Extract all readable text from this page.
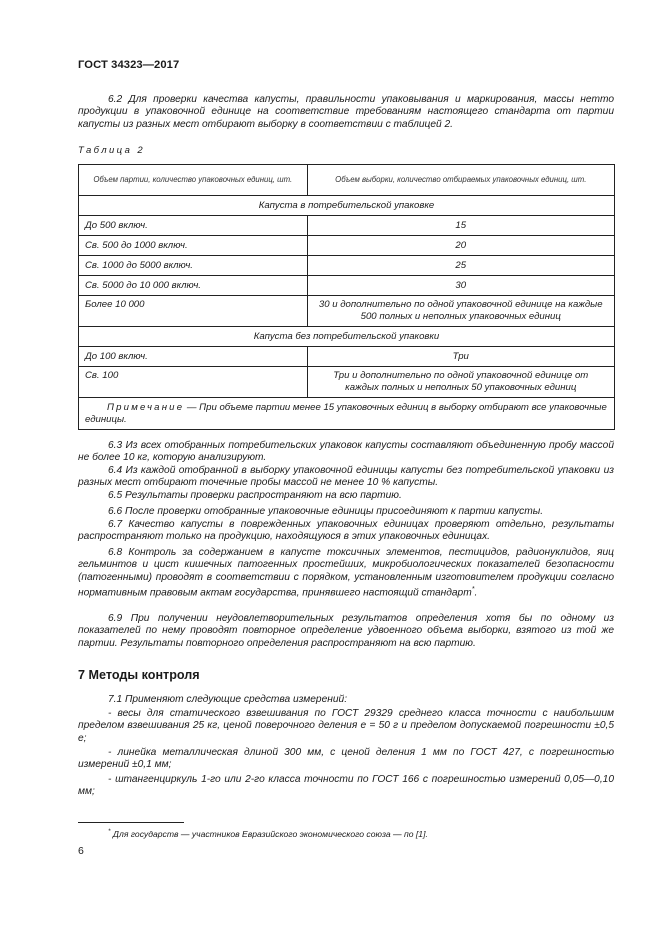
ГОСТ 34323—2017
6.2 Для проверки качества капусты, правильности упаковывания и маркирования, массы нетто продукции в упаковочной единице на соответствие требованиям настоящего стандарта от партии капусты из разных мест отбирают выборку в соответствии с таблицей 2.
Таблица 2
Объем партии, количество упаковочных единиц, шт.	Объем выборки, количество отбираемых упаковочных единиц, шт.
Капуста в потребительской упаковке	
До 500 включ.	15
Св. 500 до 1000 включ.	20
Св. 1000 до 5000 включ.	25
Св. 5000 до 10 000 включ.	30
Более 10 000	30 и дополнительно по одной упаковочной единице на каждые 500 полных и неполных упаковочных единиц
Капуста без потребительской упаковки	
До 100 включ.	Три
Св. 100	Три и дополнительно по одной упаковочной единице от каждых полных и неполных 50 упаковочных единиц
Примечание — При объеме партии менее 15 упаковочных единиц в выборку отбирают все упаковочные единицы.	
6.3 Из всех отобранных потребительских упаковок капусты составляют объединенную пробу массой не более 10 кг, которую анализируют.
6.4 Из каждой отобранной в выборку упаковочной единицы капусты без потребительской упаковки из разных мест отбирают точечные пробы массой не менее 10 % капусты.
6.5 Результаты проверки распространяют на всю партию.
6.6 После проверки отобранные упаковочные единицы присоединяют к партии капусты.
6.7 Качество капусты в поврежденных упаковочных единицах проверяют отдельно, результаты распространяют только на продукцию, находящуюся в этих упаковочных единицах.
6.8 Контроль за содержанием в капусте токсичных элементов, пестицидов, радионуклидов, яиц гельминтов и цист кишечных патогенных простейших, микробиологических показателей безопасности (патогенными) проводят в соответствии с порядком, установленным изготовителем продукции согласно нормативным правовым актам государства, принявшего настоящий стандарт*.
6.9 При получении неудовлетворительных результатов определения хотя бы по одному из показателей по нему проводят повторное определение удвоенного объема выборки, взятого из той же партии. Результаты повторного определения распространяют на всю партию.
7 Методы контроля
7.1 Применяют следующие средства измерений:
- весы для статического взвешивания по ГОСТ 29329 среднего класса точности с наибольшим пределом взвешивания 25 кг, ценой поверочного деления e = 50 г и пределом допускаемой погрешности ±0,5 е;
- линейка металлическая длиной 300 мм, с ценой деления 1 мм по ГОСТ 427, с погрешностью измерений ±0,1 мм;
- штангенциркуль 1-го или 2-го класса точности по ГОСТ 166 с погрешностью измерений 0,05—0,10 мм;
* Для государств — участников Евразийского экономического союза — по [1].
6
